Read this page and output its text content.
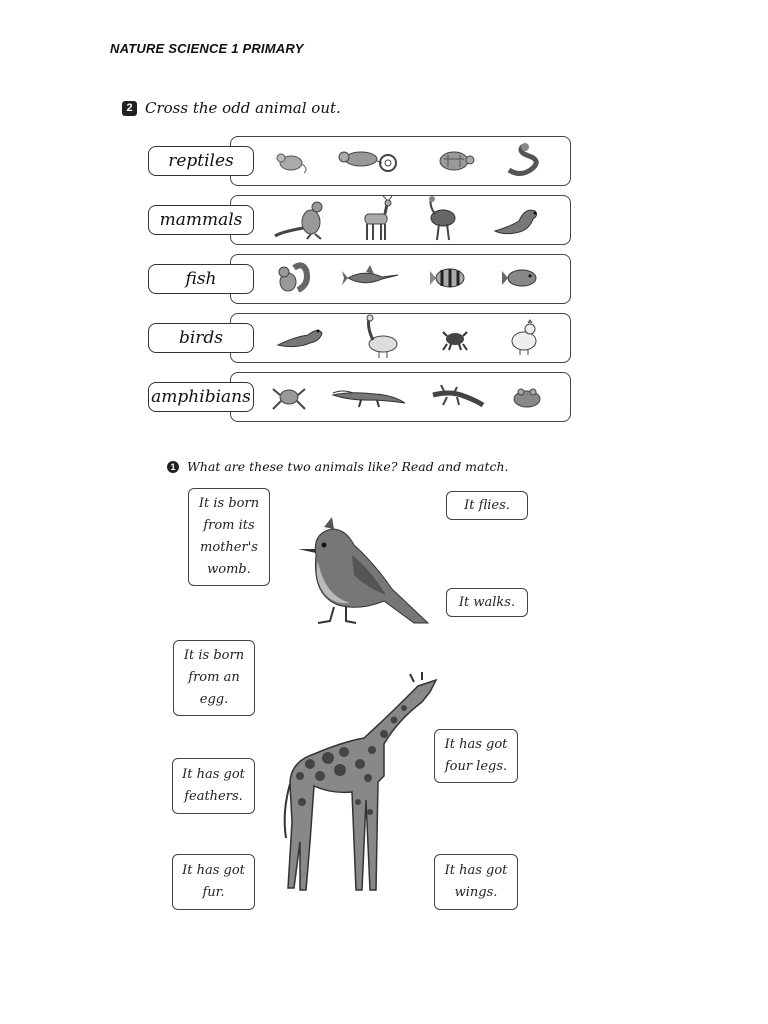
NATURE SCIENCE 1 PRIMARY
2 Cross the odd animal out.
reptiles
mammals
fish
birds
amphibians
1 What are these two animals like? Read and match.
It is born from its mother's womb.
It flies.
It walks.
It is born from an egg.
It has got four legs.
It has got feathers.
It has got fur.
It has got wings.
